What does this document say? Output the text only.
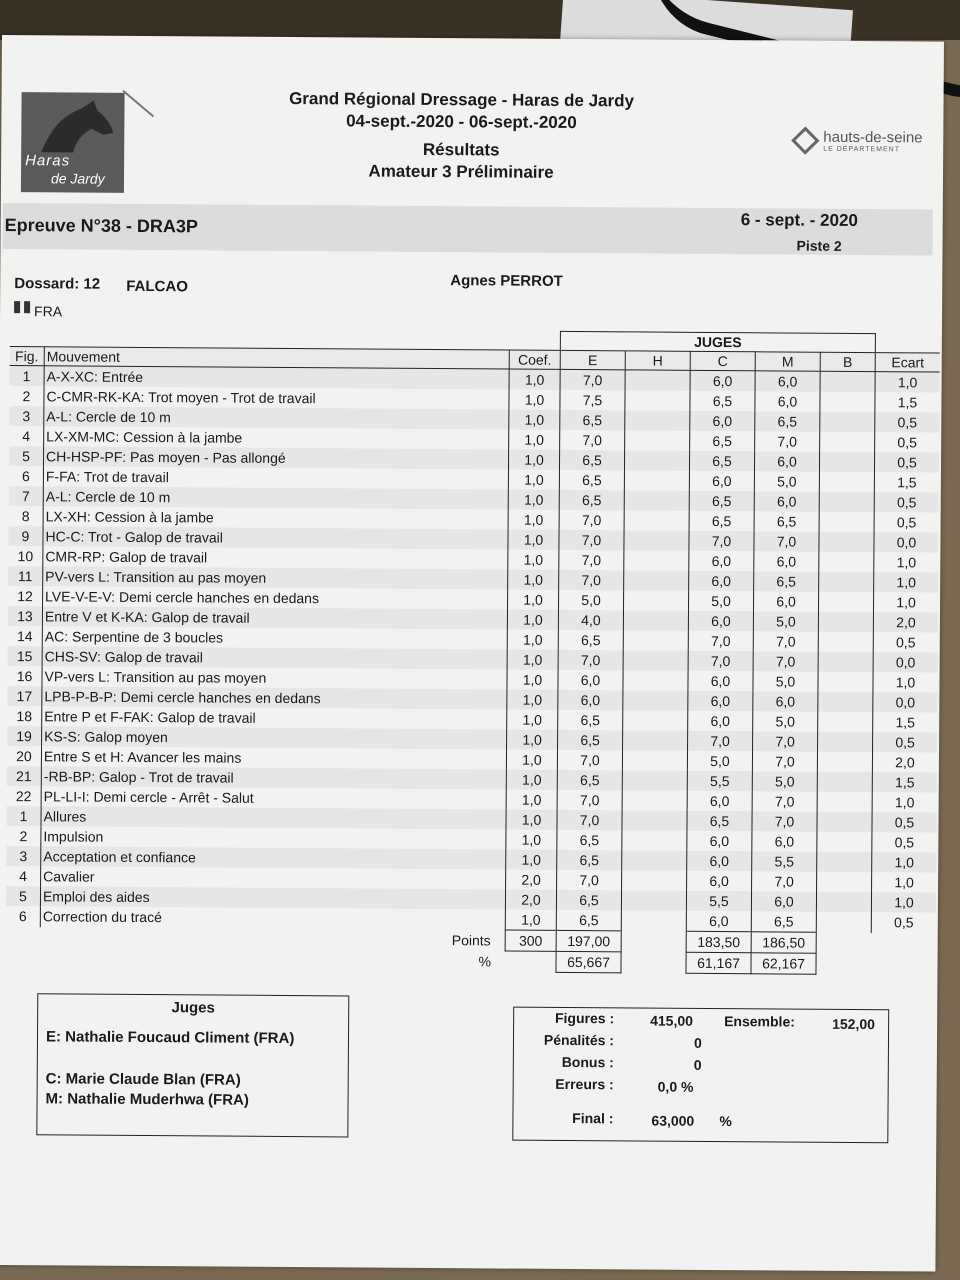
Haras
de Jardy
Grand Régional Dressage - Haras de Jardy
04-sept.-2020 - 06-sept.-2020
Résultats
Amateur 3 Préliminaire
hauts-de-seine
LE DÉPARTEMENT
Epreuve N°38 - DRA3P	6 - sept. - 2020
Piste 2
Dossard: 12 FALCAO	Agnes PERROT
FRA
			JUGES					
Fig.	Mouvement	Coef.	E	H	C	M	B	Ecart
1	A-X-XC: Entrée	1,0	7,0		6,0	6,0		1,0
2	C-CMR-RK-KA: Trot moyen - Trot de travail	1,0	7,5		6,5	6,0		1,5
3	A-L: Cercle de 10 m	1,0	6,5		6,0	6,5		0,5
4	LX-XM-MC: Cession à la jambe	1,0	7,0		6,5	7,0		0,5
5	CH-HSP-PF: Pas moyen - Pas allongé	1,0	6,5		6,5	6,0		0,5
6	F-FA: Trot de travail	1,0	6,5		6,0	5,0		1,5
7	A-L: Cercle de 10 m	1,0	6,5		6,5	6,0		0,5
8	LX-XH: Cession à la jambe	1,0	7,0		6,5	6,5		0,5
9	HC-C: Trot - Galop de travail	1,0	7,0		7,0	7,0		0,0
10	CMR-RP: Galop de travail	1,0	7,0		6,0	6,0		1,0
11	PV-vers L: Transition au pas moyen	1,0	7,0		6,0	6,5		1,0
12	LVE-V-E-V: Demi cercle hanches en dedans	1,0	5,0		5,0	6,0		1,0
13	Entre V et K-KA: Galop de travail	1,0	4,0		6,0	5,0		2,0
14	AC: Serpentine de 3 boucles	1,0	6,5		7,0	7,0		0,5
15	CHS-SV: Galop de travail	1,0	7,0		7,0	7,0		0,0
16	VP-vers L: Transition au pas moyen	1,0	6,0		6,0	5,0		1,0
17	LPB-P-B-P: Demi cercle hanches en dedans	1,0	6,0		6,0	6,0		0,0
18	Entre P et F-FAK: Galop de travail	1,0	6,5		6,0	5,0		1,5
19	KS-S: Galop moyen	1,0	6,5		7,0	7,0		0,5
20	Entre S et H: Avancer les mains	1,0	7,0		5,0	7,0		2,0
21	-RB-BP: Galop - Trot de travail	1,0	6,5		5,5	5,0		1,5
22	PL-LI-I: Demi cercle - Arrêt - Salut	1,0	7,0		6,0	7,0		1,0
1	Allures	1,0	7,0		6,5	7,0		0,5
2	Impulsion	1,0	6,5		6,0	6,0		0,5
3	Acceptation et confiance	1,0	6,5		6,0	5,5		1,0
4	Cavalier	2,0	7,0		6,0	7,0		1,0
5	Emploi des aides	2,0	6,5		5,5	6,0		1,0
6	Correction du tracé	1,0	6,5		6,0	6,5		0,5
	Points	300	197,00		183,50	186,50		
	%		65,667		61,167	62,167		
Juges
E: Nathalie Foucaud Climent (FRA)
C: Marie Claude Blan (FRA)
M: Nathalie Muderhwa (FRA)
Figures :	415,00 Ensemble:	152,00
Pénalités :	0
Bonus :	0
Erreurs :	0,0 %
Final :	63,000 %
